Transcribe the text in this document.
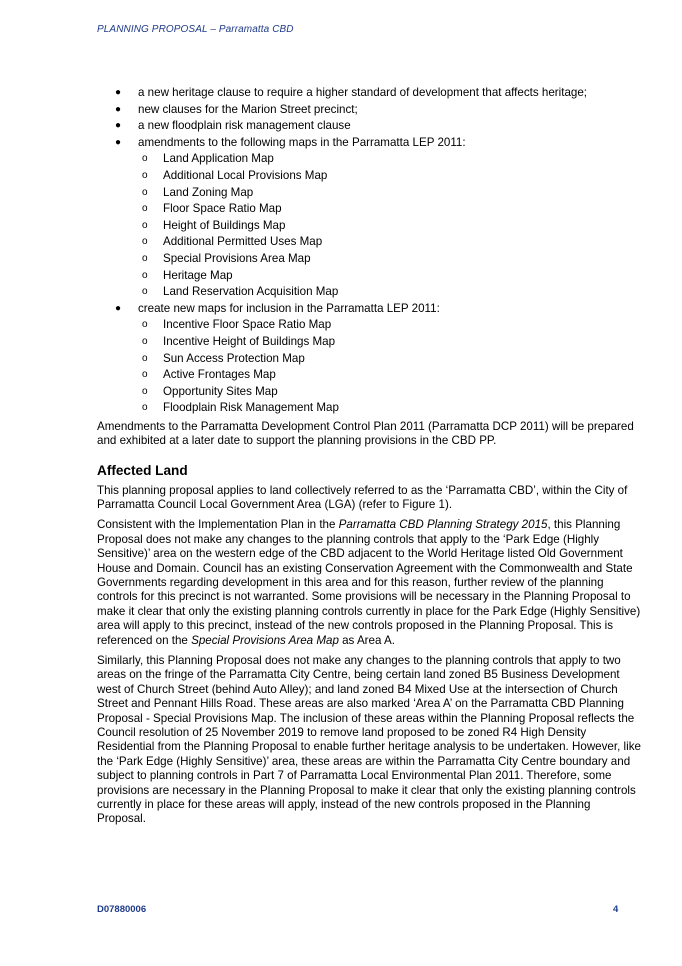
PLANNING PROPOSAL – Parramatta CBD
● a new heritage clause to require a higher standard of development that affects heritage;
● new clauses for the Marion Street precinct;
● a new floodplain risk management clause
● amendments to the following maps in the Parramatta LEP 2011:
o Land Application Map
o Additional Local Provisions Map
o Land Zoning Map
o Floor Space Ratio Map
o Height of Buildings Map
o Additional Permitted Uses Map
o Special Provisions Area Map
o Heritage Map
o Land Reservation Acquisition Map
● create new maps for inclusion in the Parramatta LEP 2011:
o Incentive Floor Space Ratio Map
o Incentive Height of Buildings Map
o Sun Access Protection Map
o Active Frontages Map
o Opportunity Sites Map
o Floodplain Risk Management Map

Amendments to the Parramatta Development Control Plan 2011 (Parramatta DCP 2011) will be prepared and exhibited at a later date to support the planning provisions in the CBD PP.

Affected Land

This planning proposal applies to land collectively referred to as the ‘Parramatta CBD’, within the City of Parramatta Council Local Government Area (LGA) (refer to Figure 1).

Consistent with the Implementation Plan in the Parramatta CBD Planning Strategy 2015, this Planning Proposal does not make any changes to the planning controls that apply to the ‘Park Edge (Highly Sensitive)’ area on the western edge of the CBD adjacent to the World Heritage listed Old Government House and Domain. Council has an existing Conservation Agreement with the Commonwealth and State Governments regarding development in this area and for this reason, further review of the planning controls for this precinct is not warranted. Some provisions will be necessary in the Planning Proposal to make it clear that only the existing planning controls currently in place for the Park Edge (Highly Sensitive) area will apply to this precinct, instead of the new controls proposed in the Planning Proposal. This is referenced on the Special Provisions Area Map as Area A.

Similarly, this Planning Proposal does not make any changes to the planning controls that apply to two areas on the fringe of the Parramatta City Centre, being certain land zoned B5 Business Development west of Church Street (behind Auto Alley); and land zoned B4 Mixed Use at the intersection of Church Street and Pennant Hills Road. These areas are also marked ‘Area A’ on the Parramatta CBD Planning Proposal - Special Provisions Map. The inclusion of these areas within the Planning Proposal reflects the Council resolution of 25 November 2019 to remove land proposed to be zoned R4 High Density Residential from the Planning Proposal to enable further heritage analysis to be undertaken. However, like the ‘Park Edge (Highly Sensitive)’ area, these areas are within the Parramatta City Centre boundary and subject to planning controls in Part 7 of Parramatta Local Environmental Plan 2011. Therefore, some provisions are necessary in the Planning Proposal to make it clear that only the existing planning controls currently in place for these areas will apply, instead of the new controls proposed in the Planning Proposal.

D07880006	4
